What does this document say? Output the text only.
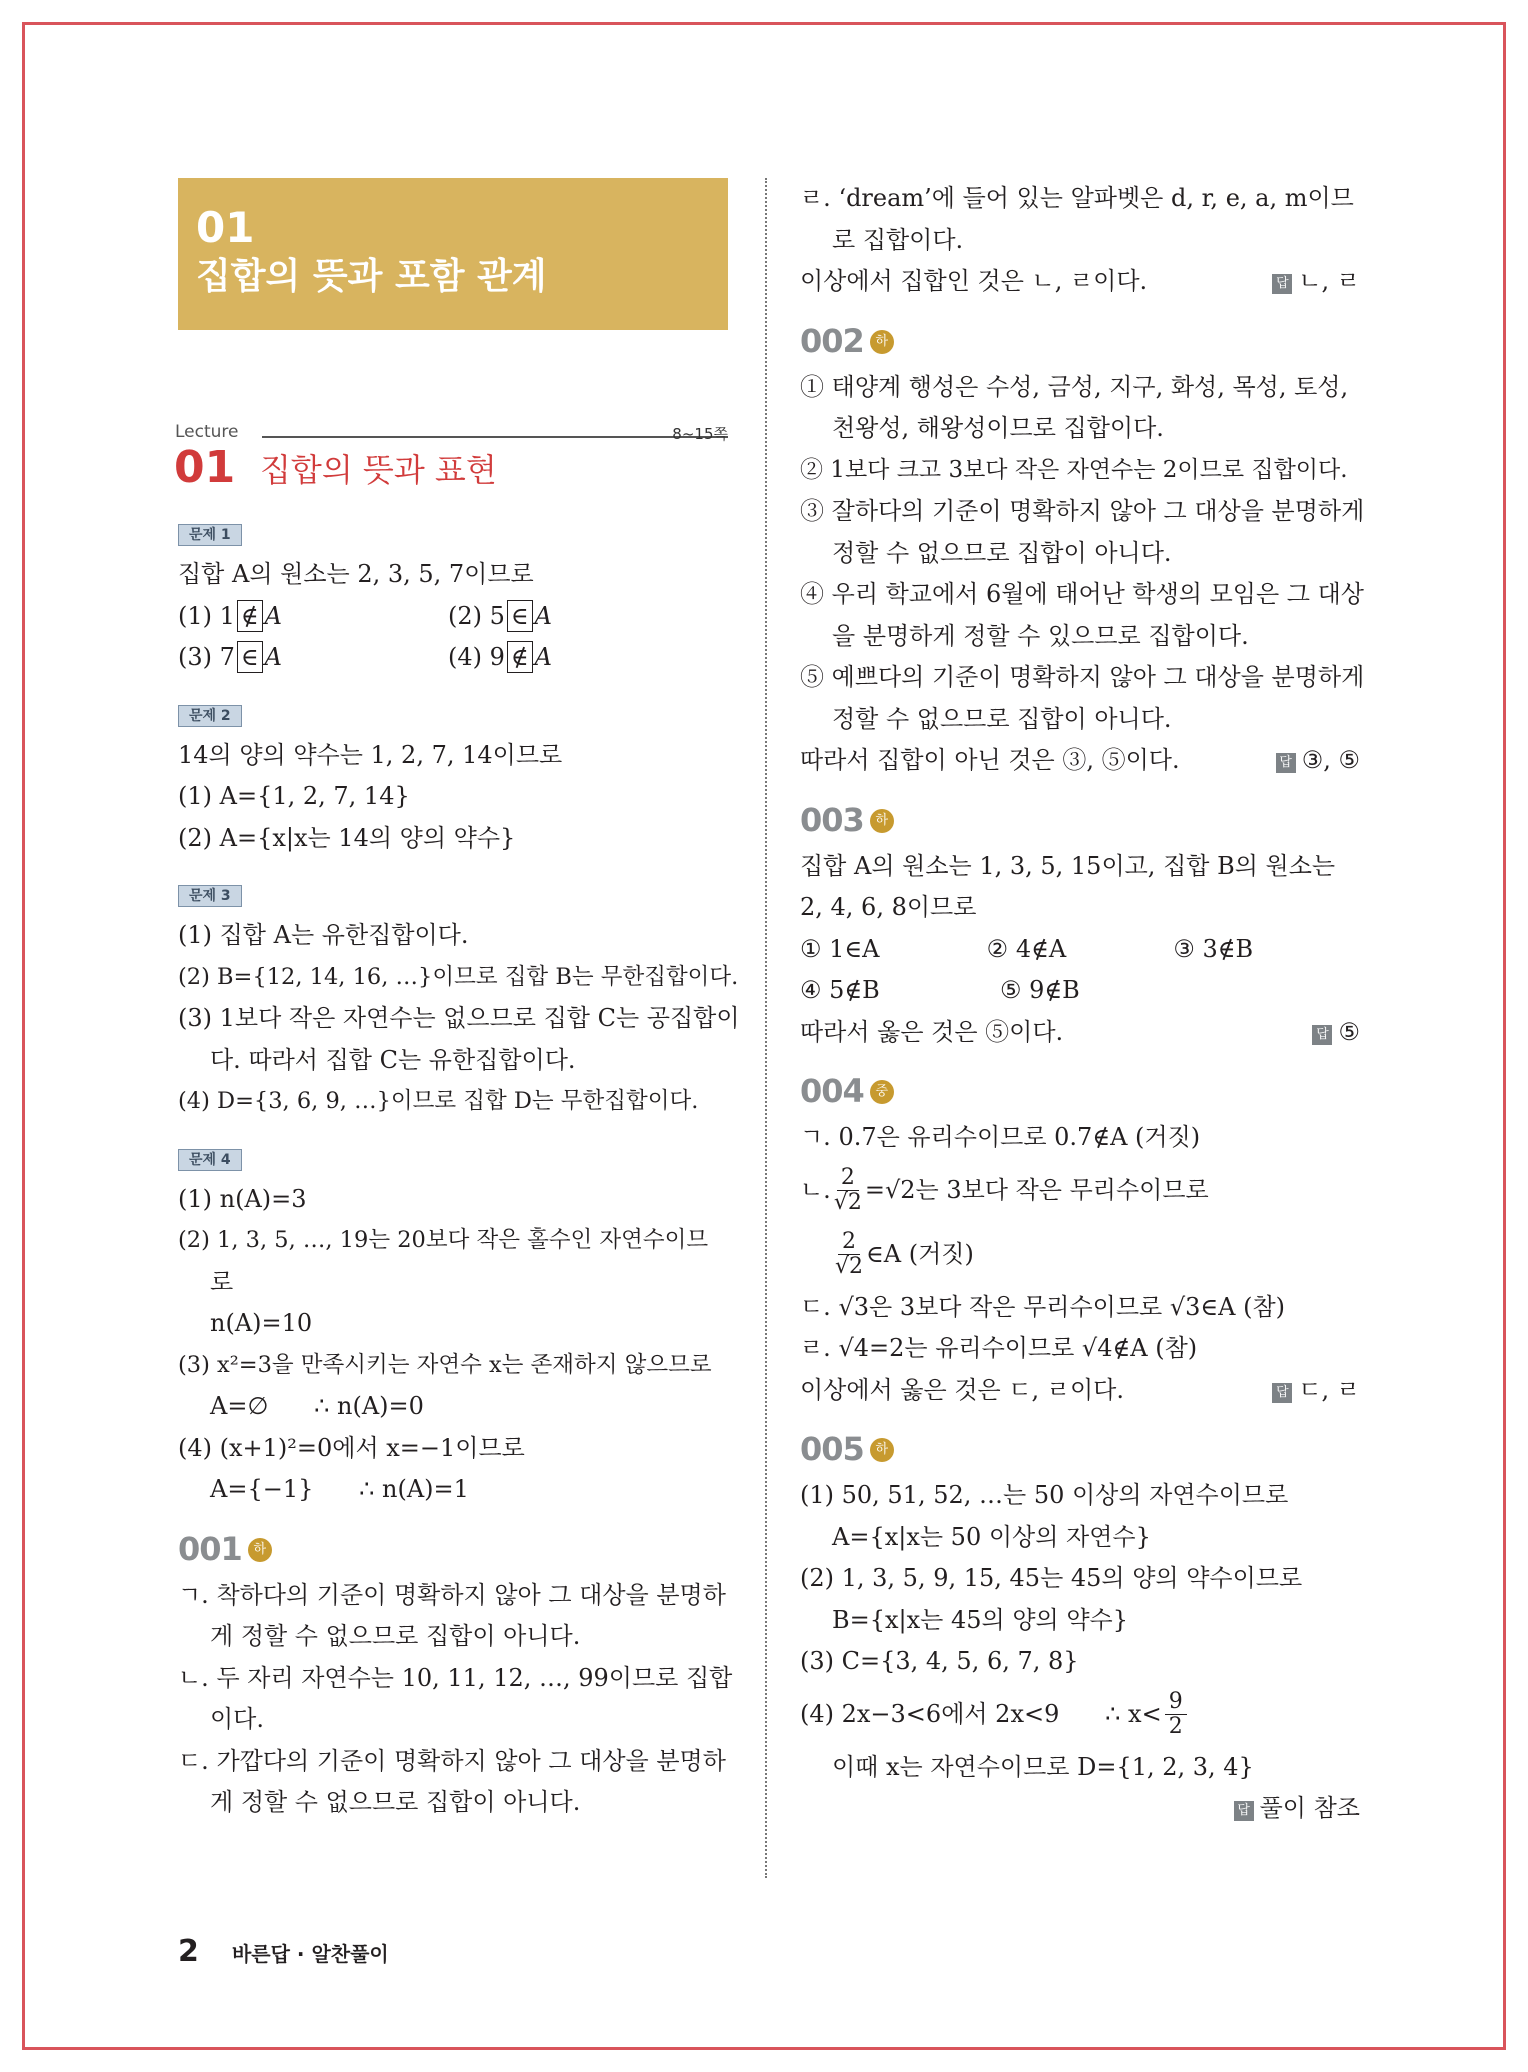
01
집합의 뜻과 포함 관계
Lecture	8~15쪽
01 집합의 뜻과 표현
문제 1
집합 A의 원소는 2, 3, 5, 7이므로
(1) 1 ∉ A	(2) 5 ∈ A
(3) 7 ∈ A	(4) 9 ∉ A
문제 2
14의 양의 약수는 1, 2, 7, 14이므로
(1) A={1, 2, 7, 14}
(2) A={x|x는 14의 양의 약수}
문제 3
(1) 집합 A는 유한집합이다.
(2) B={12, 14, 16, …}이므로 집합 B는 무한집합이다.
(3) 1보다 작은 자연수는 없으므로 집합 C는 공집합이
다. 따라서 집합 C는 유한집합이다.
(4) D={3, 6, 9, …}이므로 집합 D는 무한집합이다.
문제 4
(1) n(A)=3
(2) 1, 3, 5, …, 19는 20보다 작은 홀수인 자연수이므
로
n(A)=10
(3) x²=3을 만족시키는 자연수 x는 존재하지 않으므로
A=∅      ∴ n(A)=0
(4) (x+1)²=0에서 x=−1이므로
A={−1}      ∴ n(A)=1
001 하
ㄱ. 착하다의 기준이 명확하지 않아 그 대상을 분명하
게 정할 수 없으므로 집합이 아니다.
ㄴ. 두 자리 자연수는 10, 11, 12, …, 99이므로 집합
이다.
ㄷ. 가깝다의 기준이 명확하지 않아 그 대상을 분명하
게 정할 수 없으므로 집합이 아니다.
ㄹ. ‘dream’에 들어 있는 알파벳은 d, r, e, a, m이므
로 집합이다.
이상에서 집합인 것은 ㄴ, ㄹ이다.	답 ㄴ, ㄹ
002 하
① 태양계 행성은 수성, 금성, 지구, 화성, 목성, 토성,
천왕성, 해왕성이므로 집합이다.
② 1보다 크고 3보다 작은 자연수는 2이므로 집합이다.
③ 잘하다의 기준이 명확하지 않아 그 대상을 분명하게
정할 수 없으므로 집합이 아니다.
④ 우리 학교에서 6월에 태어난 학생의 모임은 그 대상
을 분명하게 정할 수 있으므로 집합이다.
⑤ 예쁘다의 기준이 명확하지 않아 그 대상을 분명하게
정할 수 없으므로 집합이 아니다.
따라서 집합이 아닌 것은 ③, ⑤이다.	답 ③, ⑤
003 하
집합 A의 원소는 1, 3, 5, 15이고, 집합 B의 원소는
2, 4, 6, 8이므로
① 1∈A	② 4∉A	③ 3∉B
④ 5∉B	⑤ 9∉B
따라서 옳은 것은 ⑤이다.	답 ⑤
004 중
ㄱ. 0.7은 유리수이므로 0.7∉A (거짓)
ㄴ. $\frac{2}{√2} =√2$는 3보다 작은 무리수이므로
$\frac{2}{√2}$ ∈A (거짓)
ㄷ. √3은 3보다 작은 무리수이므로 √3∈A (참)
ㄹ. √4=2는 유리수이므로 √4∉A (참)
이상에서 옳은 것은 ㄷ, ㄹ이다.	답 ㄷ, ㄹ
005 하
(1) 50, 51, 52, …는 50 이상의 자연수이므로
A={x|x는 50 이상의 자연수}
(2) 1, 3, 5, 9, 15, 45는 45의 양의 약수이므로
B={x|x는 45의 양의 약수}
(3) C={3, 4, 5, 6, 7, 8}
(4) 2x−3<6에서 2x<9      ∴ $x< \frac{9}{2}$
이때 x는 자연수이므로 D={1, 2, 3, 4}
답 풀이 참조
2 바른답 · 알찬풀이
